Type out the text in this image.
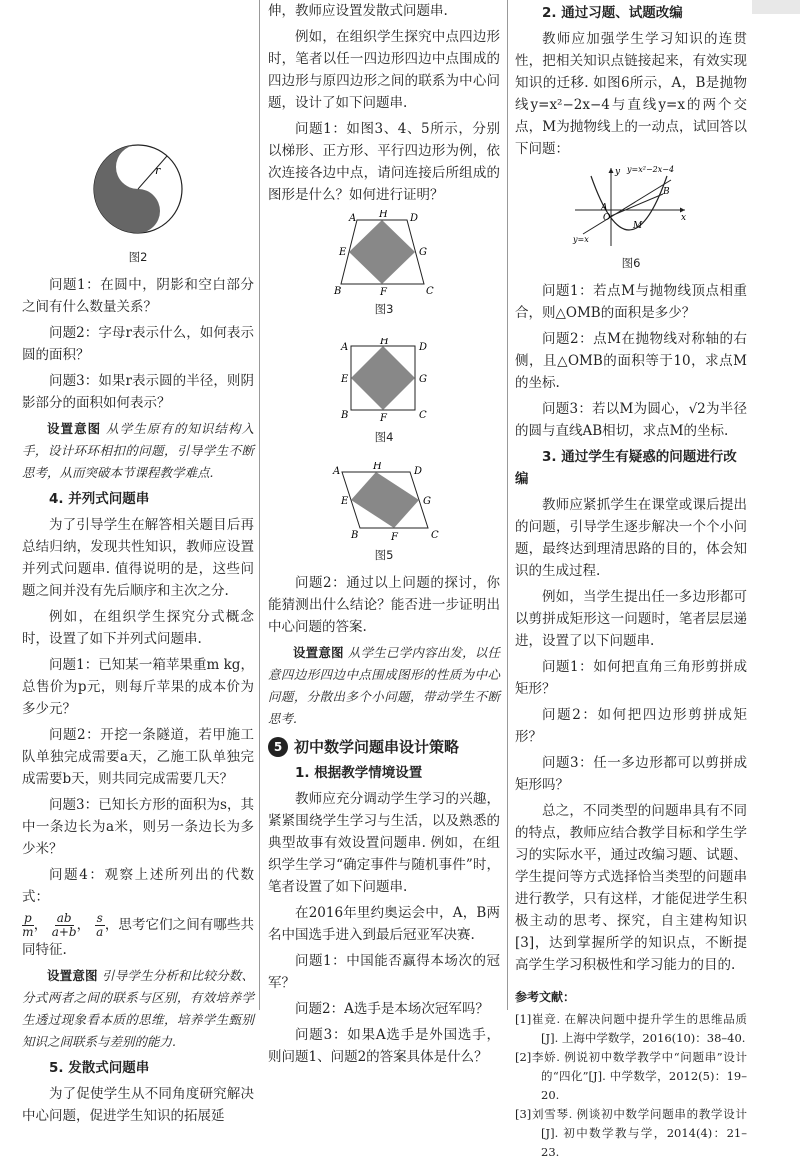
r
图2

问题1：在圆中，阴影和空白部分之间有什么数量关系？

问题2：字母r表示什么，如何表示圆的面积？

问题3：如果r表示圆的半径，则阴影部分的面积如何表示？

设置意图 从学生原有的知识结构入手，设计环环相扣的问题，引导学生不断思考，从而突破本节课程教学难点.

4. 并列式问题串

为了引导学生在解答相关题目后再总结归纳，发现共性知识，教师应设置并列式问题串. 值得说明的是，这些问题之间并没有先后顺序和主次之分.

例如，在组织学生探究分式概念时，设置了如下并列式问题串.

问题1：已知某一箱苹果重m kg，总售价为p元，则每斤苹果的成本价为多少元？

问题2：开挖一条隧道，若甲施工队单独完成需要a天，乙施工队单独完成需要b天，则共同完成需要几天？

问题3：已知长方形的面积为s，其中一条边长为a米，则另一条边长为多少米？

问题4：观察上述所列出的代数式：

$\frac{p}{m}$ ， $\frac{ab}{a+b}$ ， $\frac{s}{a}$ ，思考它们之间有哪些共同特征.

设置意图 引导学生分析和比较分数、分式两者之间的联系与区别，有效培养学生透过现象看本质的思维，培养学生甄别知识之间联系与差别的能力.

5. 发散式问题串

为了促使学生从不同角度研究解决中心问题，促进学生知识的拓展延

伸，教师应设置发散式问题串.

例如，在组织学生探究中点四边形时，笔者以任一四边形四边中点围成的四边形与原四边形之间的联系为中心问题，设计了如下问题串.

问题1：如图3、4、5所示，分别以梯形、正方形、平行四边形为例，依次连接各边中点，请问连接后所组成的图形是什么？如何进行证明？

A H D
E	G
B	F	C
图3
A
H
D
E	G
B	F	C
图4
A	H	D
E	G
B	F	C
图5

问题2：通过以上问题的探讨，你能猜测出什么结论？能否进一步证明出中心问题的答案.

设置意图 从学生已学内容出发，以任意四边形四边中点围成图形的性质为中心问题，分散出多个小问题，带动学生不断思考.

5 初中数学问题串设计策略
1. 根据教学情境设置

教师应充分调动学生学习的兴趣，紧紧围绕学生学习与生活，以及熟悉的典型故事有效设置问题串. 例如，在组织学生学习“确定事件与随机事件”时，笔者设置了如下问题串.

在2016年里约奥运会中，A，B两名中国选手进入到最后冠亚军决赛.

问题1：中国能否赢得本场次的冠军？

问题2：A选手是本场次冠军吗？

问题3：如果A选手是外国选手，则问题1、问题2的答案具体是什么？

2. 通过习题、试题改编

教师应加强学生学习知识的连贯性，把相关知识点链接起来，有效实现知识的迁移. 如图6所示，A，B是抛物线y=x²−2x−4与直线y=x的两个交点，M为抛物线上的一动点，试回答以下问题：

y
x
O
A
B
M
y=x²−2x−4
y=x
图6

问题1：若点M与抛物线顶点相重合，则△OMB的面积是多少？

问题2：点M在抛物线对称轴的右侧，且△OMB的面积等于10，求点M的坐标.

问题3：若以M为圆心，√2为半径的圆与直线AB相切，求点M的坐标.

3. 通过学生有疑惑的问题进行改编

教师应紧抓学生在课堂或课后提出的问题，引导学生逐步解决一个个小问题，最终达到理清思路的目的，体会知识的生成过程.

例如，当学生提出任一多边形都可以剪拼成矩形这一问题时，笔者层层递进，设置了以下问题串.

问题1：如何把直角三角形剪拼成矩形？

问题2：如何把四边形剪拼成矩形？

问题3：任一多边形都可以剪拼成矩形吗？

总之，不同类型的问题串具有不同的特点，教师应结合教学目标和学生学习的实际水平，通过改编习题、试题、学生提问等方式选择恰当类型的问题串进行教学，只有这样，才能促进学生积极主动的思考、探究，自主建构知识[3]，达到掌握所学的知识点，不断提高学生学习积极性和学习能力的目的.

参考文献：

[1]崔竞. 在解决问题中提升学生的思维品质[J]. 上海中学数学，2016(10)：38–40.

[2]李娇. 例说初中数学教学中“问题串”设计的“四化”[J]. 中学数学，2012(5)：19–20.

[3]刘雪琴. 例谈初中数学问题串的教学设计[J]. 初中数学教与学，2014(4)：21–23.
